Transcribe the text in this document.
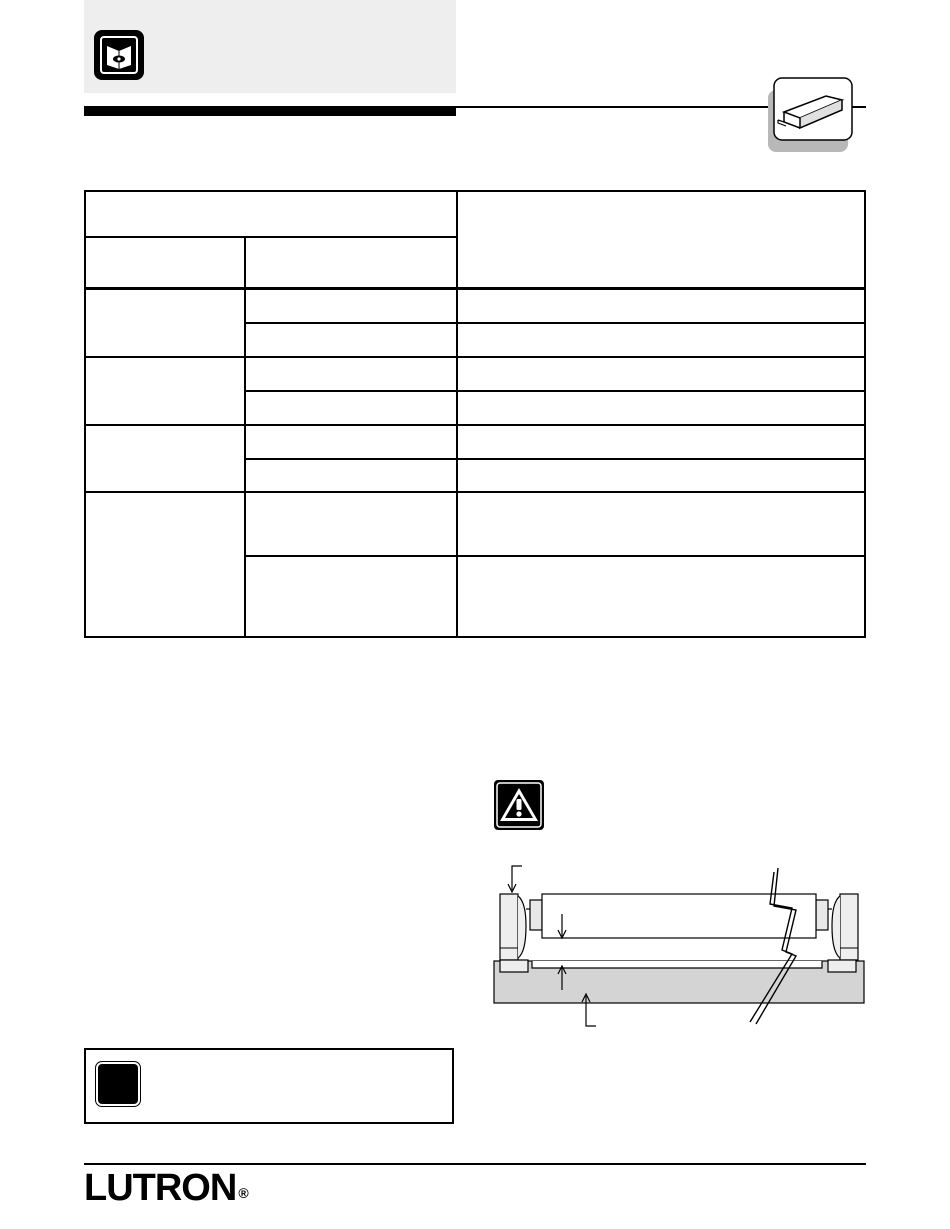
LUTRON ®
